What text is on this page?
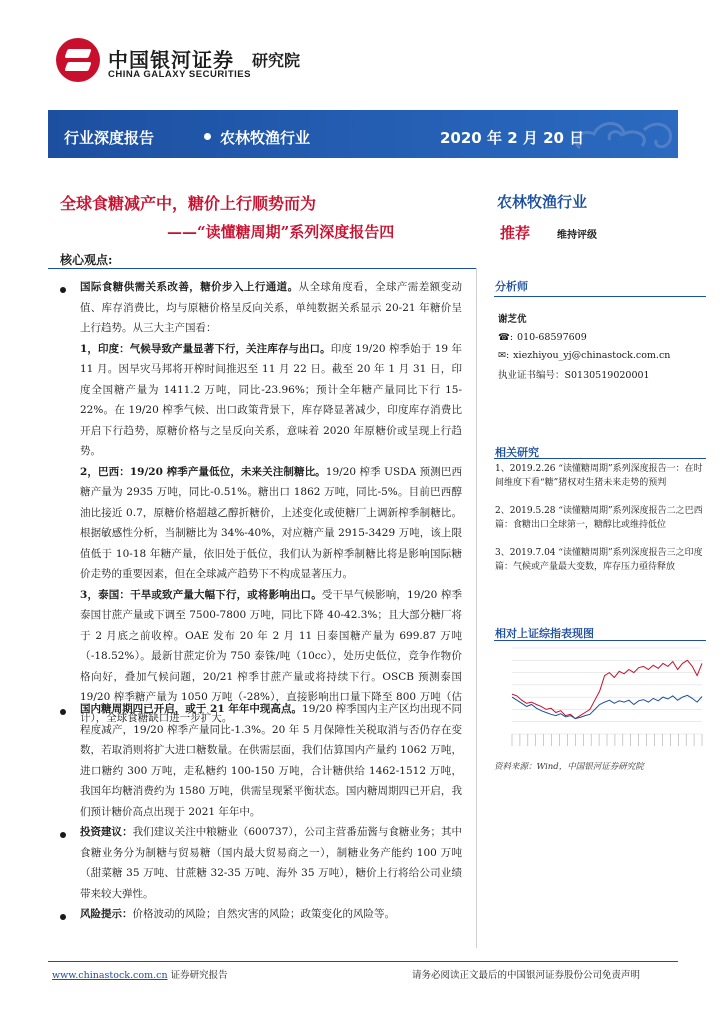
中国银河证券 研究院
CHINA GALAXY SECURITIES
行业深度报告	农林牧渔行业	2020 年 2 月 20 日
全球食糖减产中，糖价上行顺势而为
——“读懂糖周期”系列深度报告四
农林牧渔行业
推荐	维持评级
核心观点:
国际食糖供需关系改善，糖价步入上行通道。从全球角度看，全球产需差额变动值、库存消费比，均与原糖价格呈反向关系，单纯数据关系显示 20-21 年糖价呈上行趋势。从三大主产国看：
1，印度：气候导致产量显著下行，关注库存与出口。印度 19/20 榨季始于 19 年 11 月。因旱灾马邦将开榨时间推迟至 11 月 22 日。截至 20 年 1 月 31 日，印度全国糖产量为 1411.2 万吨，同比-23.96%；预计全年糖产量同比下行 15-22%。在 19/20 榨季气候、出口政策背景下，库存降显著减少，印度库存消费比开启下行趋势，原糖价格与之呈反向关系，意味着 2020 年原糖价或呈现上行趋势。
2，巴西：19/20 榨季产量低位，未来关注制糖比。19/20 榨季 USDA 预测巴西糖产量为 2935 万吨，同比-0.51%。糖出口 1862 万吨，同比-5%。目前巴西醇油比接近 0.7，原糖价格超越乙醇折糖价，上述变化或使糖厂上调新榨季制糖比。根据敏感性分析，当制糖比为 34%-40%，对应糖产量 2915-3429 万吨，该上限值低于 10-18 年糖产量，依旧处于低位，我们认为新榨季制糖比将是影响国际糖价走势的重要因素，但在全球减产趋势下不构成显著压力。
3，泰国：干旱或致产量大幅下行，或将影响出口。受干旱气候影响，19/20 榨季泰国甘蔗产量或下调至 7500-7800 万吨，同比下降 40-42.3%；且大部分糖厂将于 2 月底之前收榨。OAE 发布 20 年 2 月 11 日泰国糖产量为 699.87 万吨（-18.52%）。最新甘蔗定价为 750 泰铢/吨（10cc），处历史低位，竞争作物价格向好，叠加气候问题，20/21 榨季甘蔗产量或将持续下行。OSCB 预测泰国 19/20 榨季糖产量为 1050 万吨（-28%），直接影响出口量下降至 800 万吨（估计），全球食糖缺口进一步扩大。
国内糖周期四已开启，或于 21 年年中现高点。19/20 榨季国内主产区均出现不同程度减产，19/20 榨季产量同比-1.3%。20 年 5 月保障性关税取消与否仍存在变数，若取消则将扩大进口糖数量。在供需层面，我们估算国内产量约 1062 万吨，进口糖约 300 万吨，走私糖约 100-150 万吨，合计糖供给 1462-1512 万吨，我国年均糖消费约为 1580 万吨，供需呈现紧平衡状态。国内糖周期四已开启，我们预计糖价高点出现于 2021 年年中。
投资建议：我们建议关注中粮糖业（600737），公司主营番茄酱与食糖业务；其中食糖业务分为制糖与贸易糖（国内最大贸易商之一），制糖业务产能约 100 万吨（甜菜糖 35 万吨、甘蔗糖 32-35 万吨、海外 35 万吨），糖价上行将给公司业绩带来较大弹性。
风险提示：价格波动的风险；自然灾害的风险；政策变化的风险等。
分析师
谢芝优
☎: 010-68597609
✉: xiezhiyou_yj@chinastock.com.cn
执业证书编号：S0130519020001
相关研究
1、2019.2.26 “读懂糖周期”系列深度报告一：在时间维度下看“糖”猪权对生猪未来走势的预判
2、2019.5.28 “读懂糖周期”系列深度报告二之巴西篇：食糖出口全球第一，糖醇比或维持低位
3、2019.7.04 “读懂糖周期”系列深度报告三之印度篇：气候或产量最大变数，库存压力亟待释放
相对上证综指表现图
资料来源：Wind，中国银河证券研究院
www.chinastock.com.cn 证券研究报告	请务必阅读正文最后的中国银河证券股份公司免责声明
